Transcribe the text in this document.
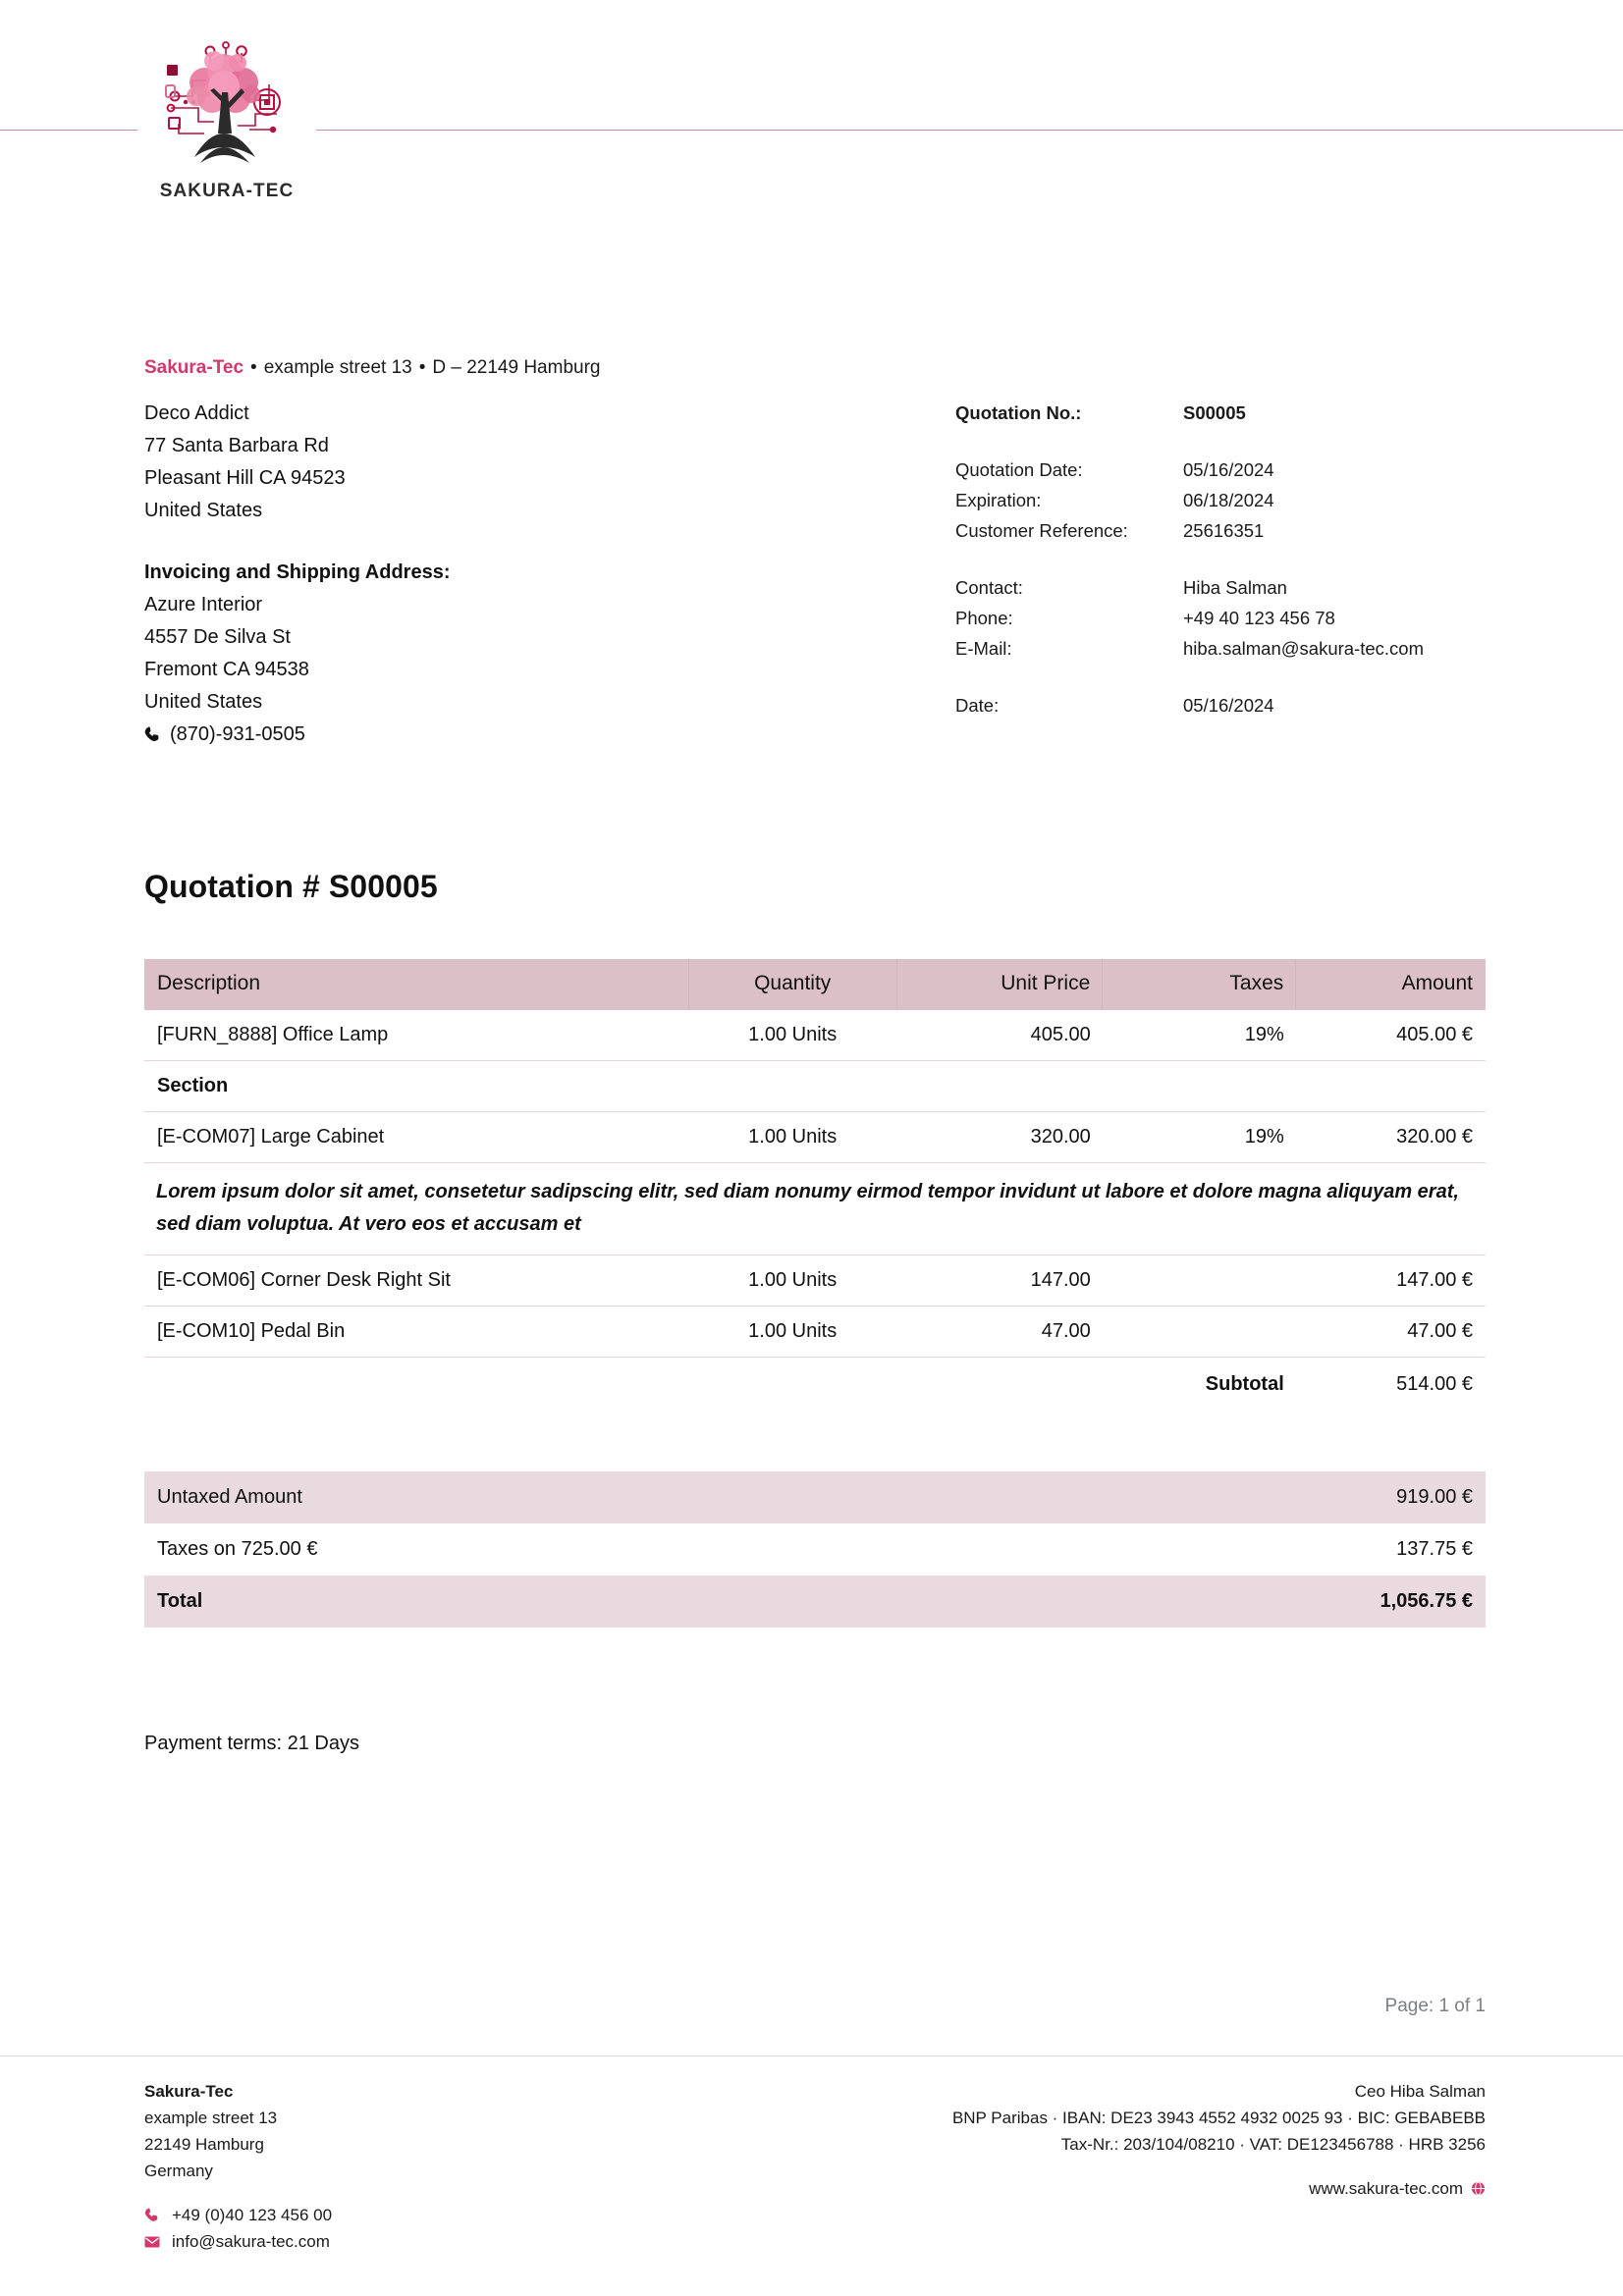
SAKURA-TEC
Sakura-Tec • example street 13 • D – 22149 Hamburg
Deco Addict
77 Santa Barbara Rd
Pleasant Hill CA 94523
United States
Invoicing and Shipping Address:
Azure Interior
4557 De Silva St
Fremont CA 94538
United States
(870)-931-0505
Quotation No.:	S00005

Quotation Date:	05/16/2024
Expiration:	06/18/2024
Customer Reference:	25616351

Contact:	Hiba Salman
Phone:	+49 40 123 456 78
E-Mail:	hiba.salman@sakura-tec.com

Date:	05/16/2024
Quotation # S00005
Description	Quantity	Unit Price	Taxes	Amount
[FURN_8888] Office Lamp	1.00 Units	405.00	19%	405.00 €
Section				
[E-COM07] Large Cabinet	1.00 Units	320.00	19%	320.00 €
Lorem ipsum dolor sit amet, consetetur sadipscing elitr, sed diam nonumy eirmod tempor invidunt ut labore et dolore magna aliquyam erat, sed diam voluptua. At vero eos et accusam et				
[E-COM06] Corner Desk Right Sit	1.00 Units	147.00		147.00 €
[E-COM10] Pedal Bin	1.00 Units	47.00		47.00 €
			Subtotal	514.00 €
Untaxed Amount	919.00 €
Taxes on 725.00 €	137.75 €
Total	1,056.75 €
Payment terms: 21 Days
Page: 1 of 1
Sakura-Tec
example street 13
22149 Hamburg
Germany
+49 (0)40 123 456 00
info@sakura-tec.com
Ceo Hiba Salman
BNP Paribas · IBAN: DE23 3943 4552 4932 0025 93 · BIC: GEBABEBB
Tax-Nr.: 203/104/08210 · VAT: DE123456788 · HRB 3256
www.sakura-tec.com
